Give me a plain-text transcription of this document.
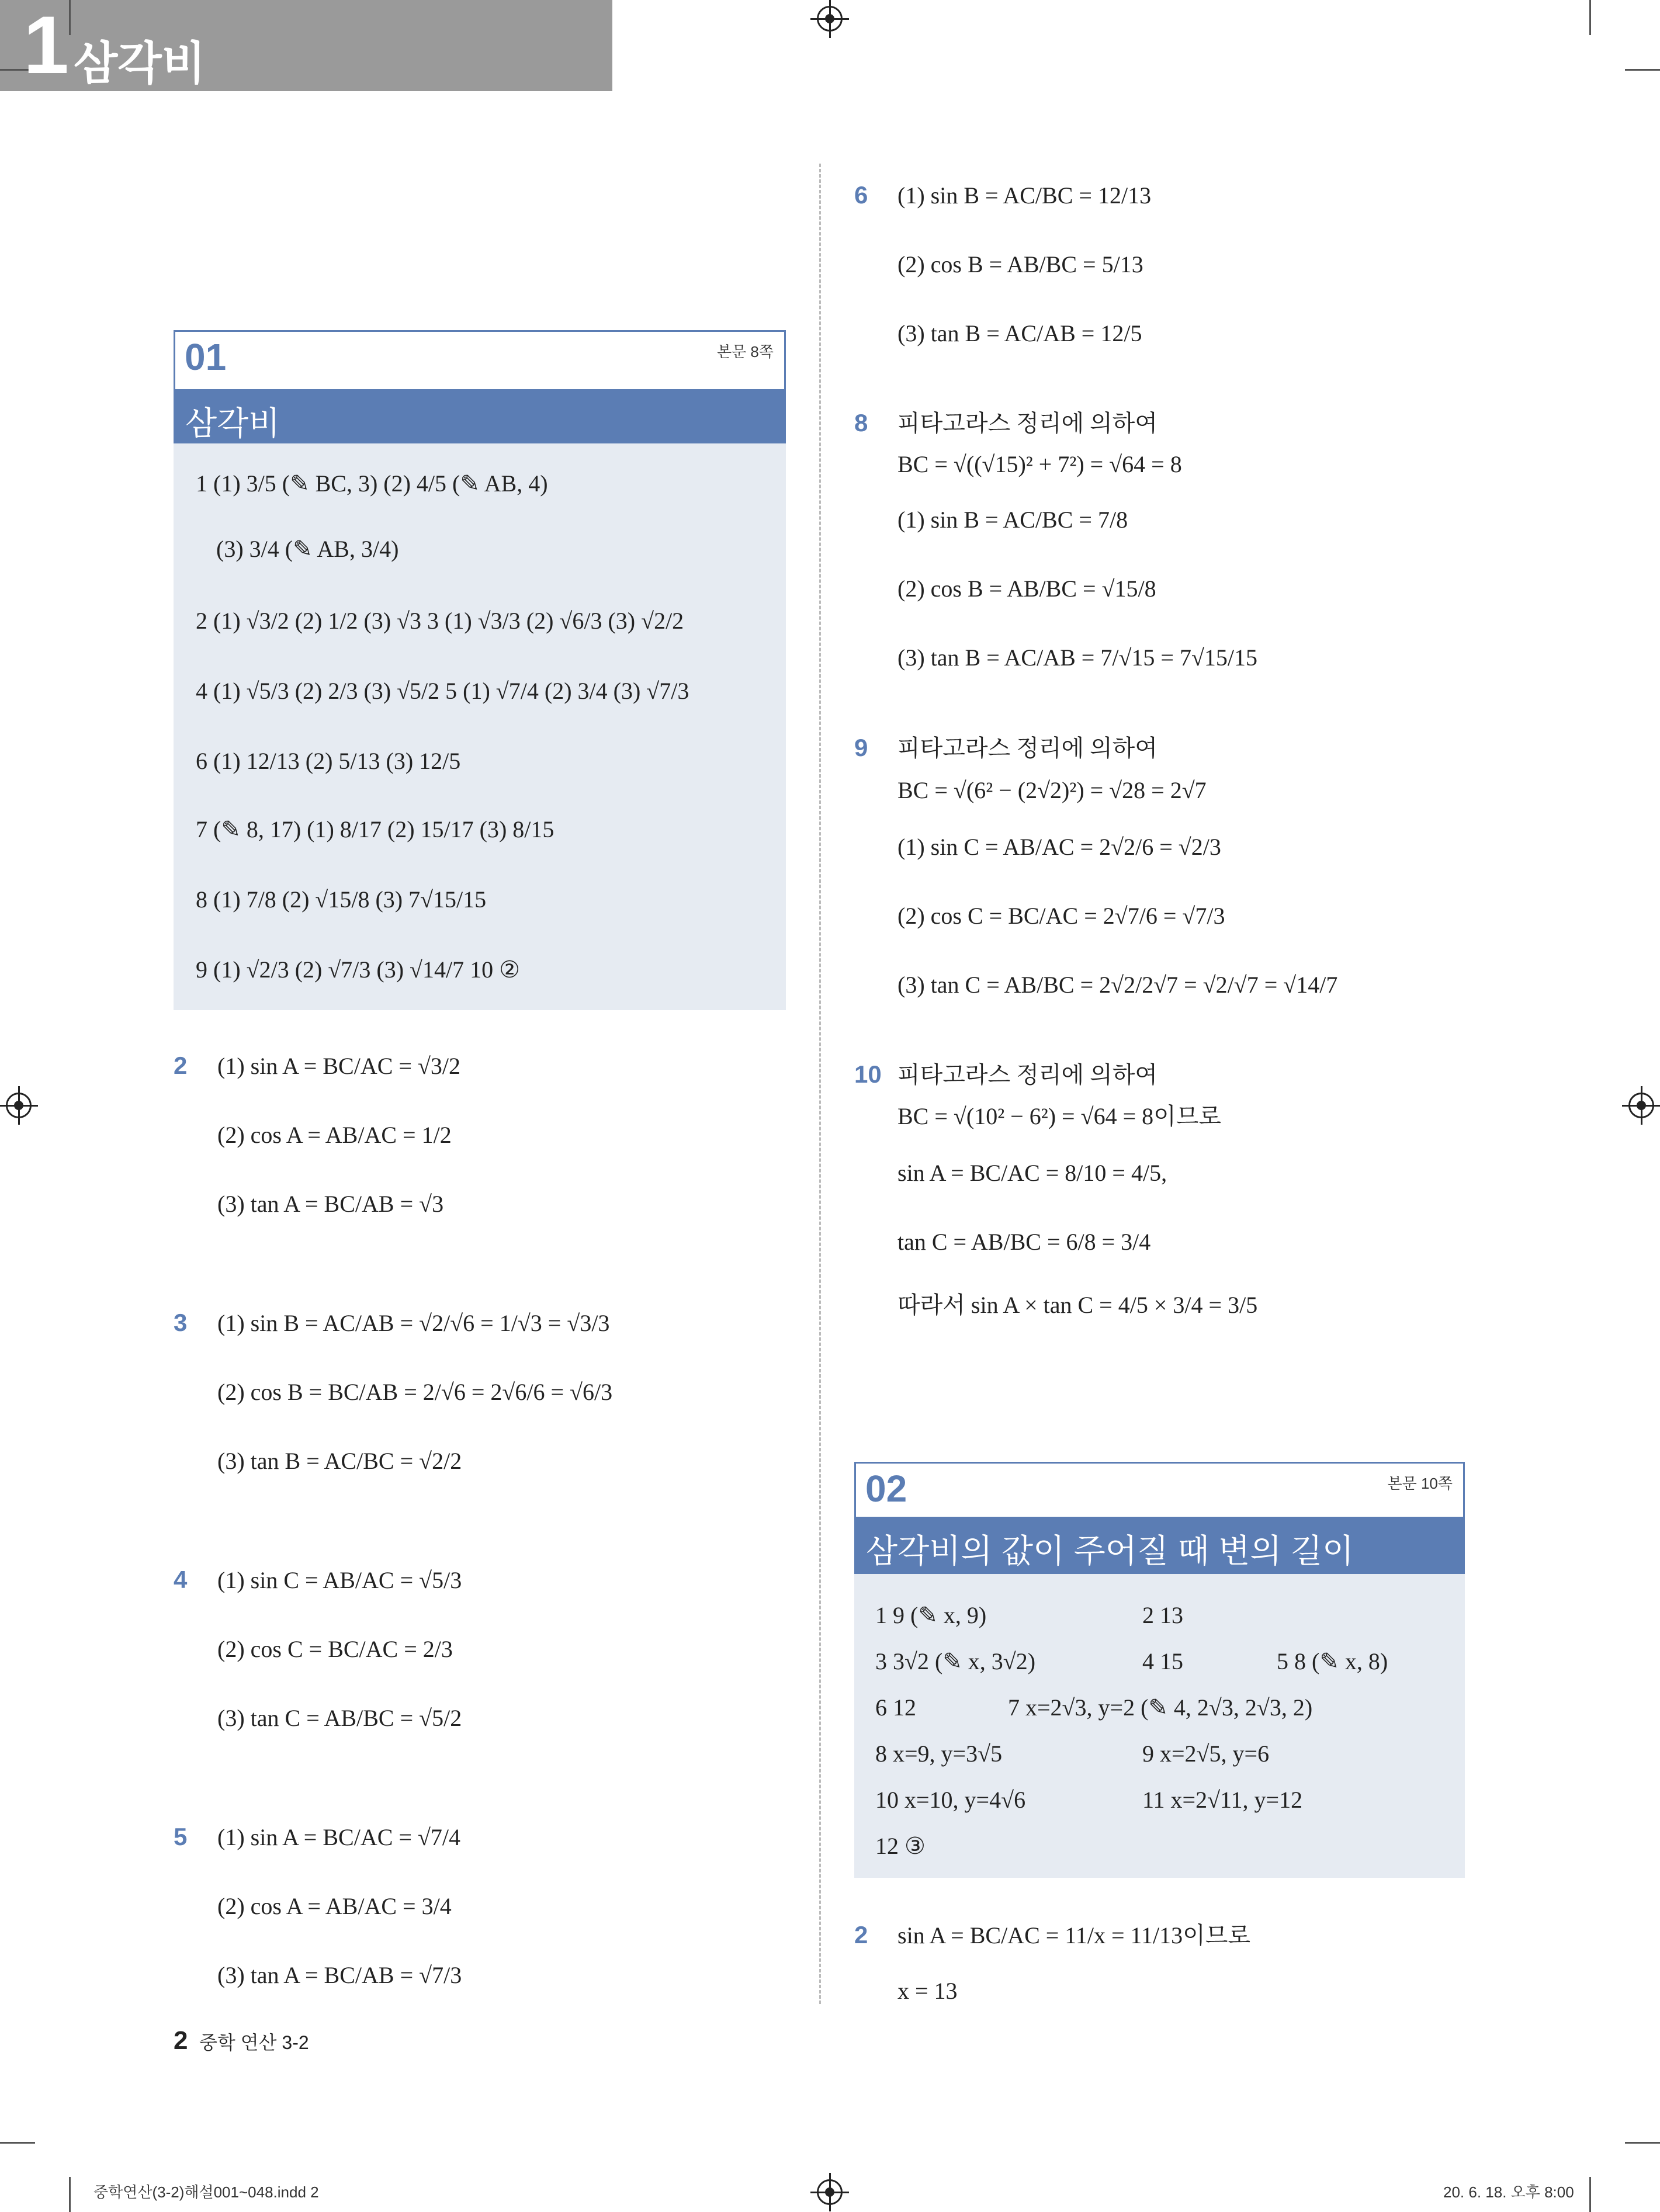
1 삼각비
Ⅰ. 삼각비
01	본문 8쪽
삼각비
1 (1) 3/5 (✎ BC, 3) (2) 4/5 (✎ AB, 4)
(3) 3/4 (✎ AB, 3/4)
2 (1) √3/2 (2) 1/2 (3) √3 3 (1) √3/3 (2) √6/3 (3) √2/2
4 (1) √5/3 (2) 2/3 (3) √5/2 5 (1) √7/4 (2) 3/4 (3) √7/3
6 (1) 12/13 (2) 5/13 (3) 12/5
7 (✎ 8, 17) (1) 8/17 (2) 15/17 (3) 8/15
8 (1) 7/8 (2) √15/8 (3) 7√15/15
9 (1) √2/3 (2) √7/3 (3) √14/7 10 ②
2 (1) sin A = BC/AC = √3/2
(2) cos A = AB/AC = 1/2
(3) tan A = BC/AB = √3
3 (1) sin B = AC/AB = √2/√6 = 1/√3 = √3/3
(2) cos B = BC/AB = 2/√6 = 2√6/6 = √6/3
(3) tan B = AC/BC = √2/2
4 (1) sin C = AB/AC = √5/3
(2) cos C = BC/AC = 2/3
(3) tan C = AB/BC = √5/2
5 (1) sin A = BC/AC = √7/4
(2) cos A = AB/AC = 3/4
(3) tan A = BC/AB = √7/3
6 (1) sin B = AC/BC = 12/13
(2) cos B = AB/BC = 5/13
(3) tan B = AC/AB = 12/5
8 피타고라스 정리에 의하여
BC = √((√15)² + 7²) = √64 = 8
(1) sin B = AC/BC = 7/8
(2) cos B = AB/BC = √15/8
(3) tan B = AC/AB = 7/√15 = 7√15/15
9 피타고라스 정리에 의하여
BC = √(6² − (2√2)²) = √28 = 2√7
(1) sin C = AB/AC = 2√2/6 = √2/3
(2) cos C = BC/AC = 2√7/6 = √7/3
(3) tan C = AB/BC = 2√2/2√7 = √2/√7 = √14/7
10 피타고라스 정리에 의하여
BC = √(10² − 6²) = √64 = 8이므로
sin A = BC/AC = 8/10 = 4/5,
tan C = AB/BC = 6/8 = 3/4
따라서 sin A × tan C = 4/5 × 3/4 = 3/5
02	본문 10쪽
삼각비의 값이 주어질 때 변의 길이
1 9 (✎ x, 9)	2 13
3 3√2 (✎ x, 3√2)	4 15	5 8 (✎ x, 8)
6 12	7 x=2√3, y=2 (✎ 4, 2√3, 2√3, 2)
8 x=9, y=3√5	9 x=2√5, y=6
10 x=10, y=4√6	11 x=2√11, y=12
12 ③
2 sin A = BC/AC = 11/x = 11/13이므로
x = 13
2 중학 연산 3-2
중학연산(3-2)해설001~048.indd 2	20. 6. 18. 오후 8:00
